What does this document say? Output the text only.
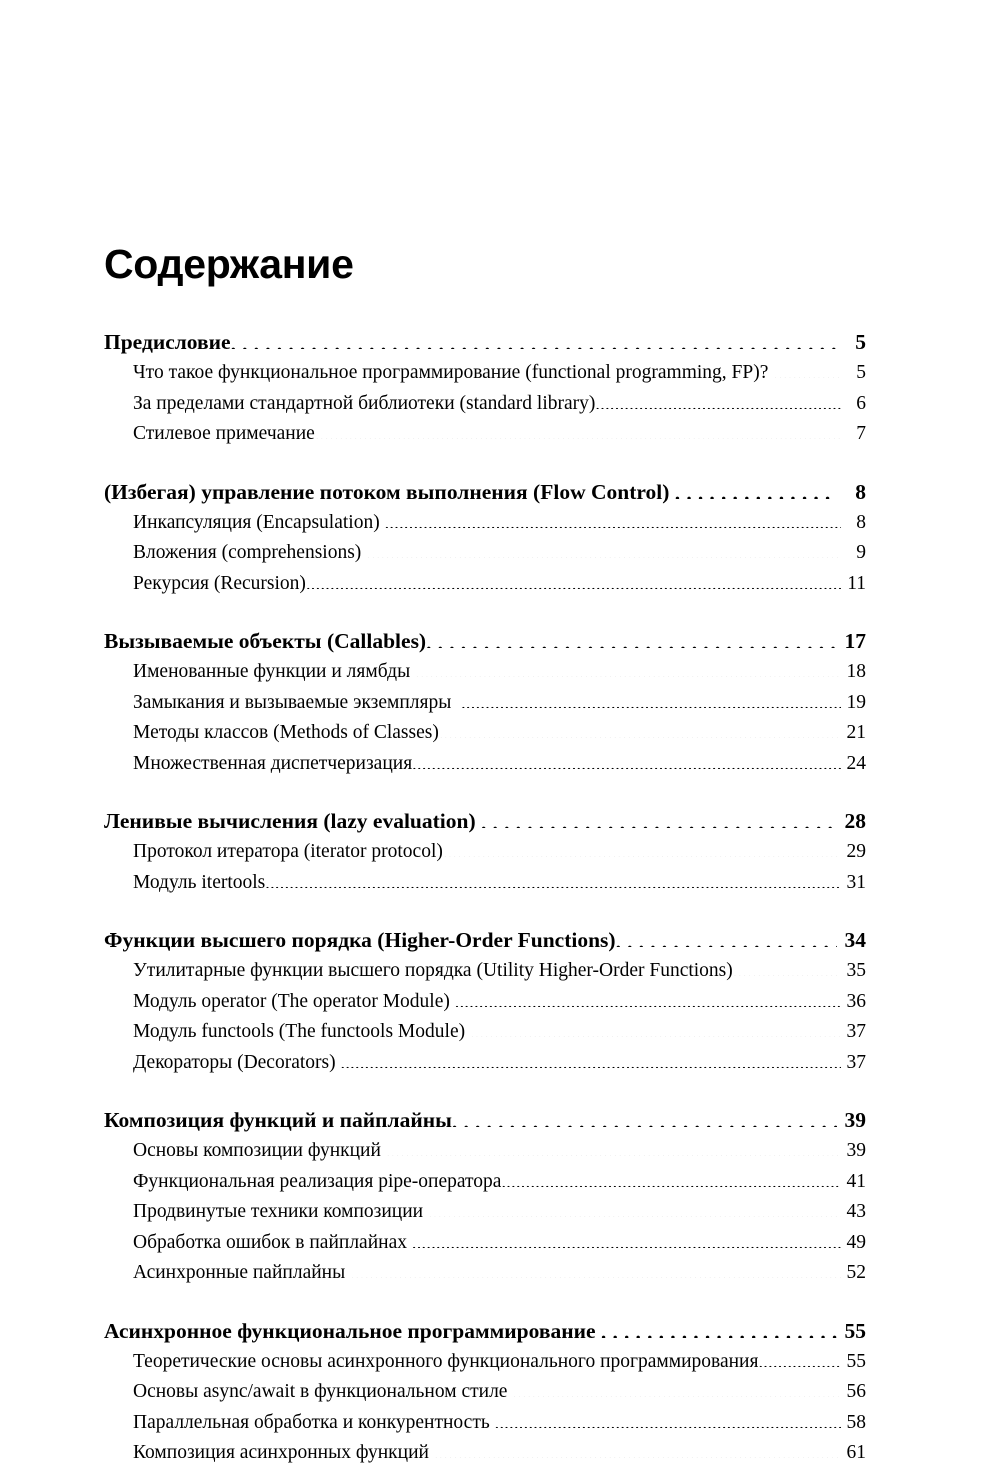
Содержание
Предисловие . . .	5
Что такое функциональное программирование (functional programming, FP)? .....	5
За пределами стандартной библиотеки (standard library) .....	6
Стилевое примечание .....	7
(Избегая) управление потоком выполнения (Flow Control) . . .	8
Инкапсуляция (Encapsulation) .....	8
Вложения (comprehensions) .....	9
Рекурсия (Recursion) .....	11
Вызываемые объекты (Callables) . . .	17
Именованные функции и лямбды .....	18
Замыкания и вызываемые экземпляры .....	19
Методы классов (Methods of Classes) .....	21
Множественная диспетчеризация .....	24
Ленивые вычисления (lazy evaluation) . . .	28
Протокол итератора (iterator protocol) .....	29
Модуль itertools .....	31
Функции высшего порядка (Higher-Order Functions) . . .	34
Утилитарные функции высшего порядка (Utility Higher-Order Functions) .....	35
Модуль operator (The operator Module) .....	36
Модуль functools (The functools Module) .....	37
Декораторы (Decorators) .....	37
Композиция функций и пайплайны . . .	39
Основы композиции функций .....	39
Функциональная реализация pipe-оператора .....	41
Продвинутые техники композиции .....	43
Обработка ошибок в пайплайнах .....	49
Асинхронные пайплайны .....	52
Асинхронное функциональное программирование . . .	55
Теоретические основы асинхронного функционального программирования .....	55
Основы async/await в функциональном стиле .....	56
Параллельная обработка и конкурентность .....	58
Композиция асинхронных функций .....	61
